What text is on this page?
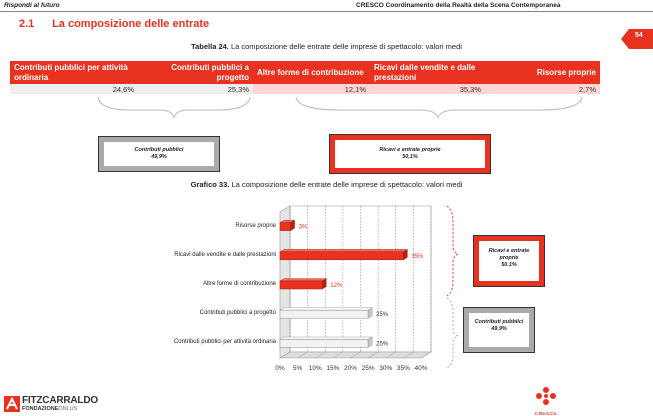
Rispondi al futuro	CRESCO Coordinamento della Realtà della Scena Contemporanea
2.1 La composizione delle entrate
54
Tabella 24. La composizione delle entrate delle imprese di spettacolo: valori medi
Contributi pubblici per attività ordinaria	Contributi pubblici a progetto	Altre forme di contribuzione	Ricavi dalle vendite e dalle prestazioni	Risorse proprie
24,6%	25,3%	12,1%	35,3%	2,7%
Contributi pubblici
49,9%
Ricavi e entrate proprie
50,1%
Grafico 33. La composizione delle entrate delle imprese di spettacolo: valori medi
Risorse proprie
Ricavi dalle vendite e dalle prestazioni
Altre forme di contribuzione
Contributi pubblici a progetto
Contributi pubblici per attività ordinaria
0% 5% 10% 15% 20% 25% 30% 35% 40%
3%
35%
12%
25%
25%
Ricavi e entrate proprie
50.1%
Contributi pubblici
49.9%
FITZCARRALDO
FONDAZIONEONLUS
C.Re.S.Co.
